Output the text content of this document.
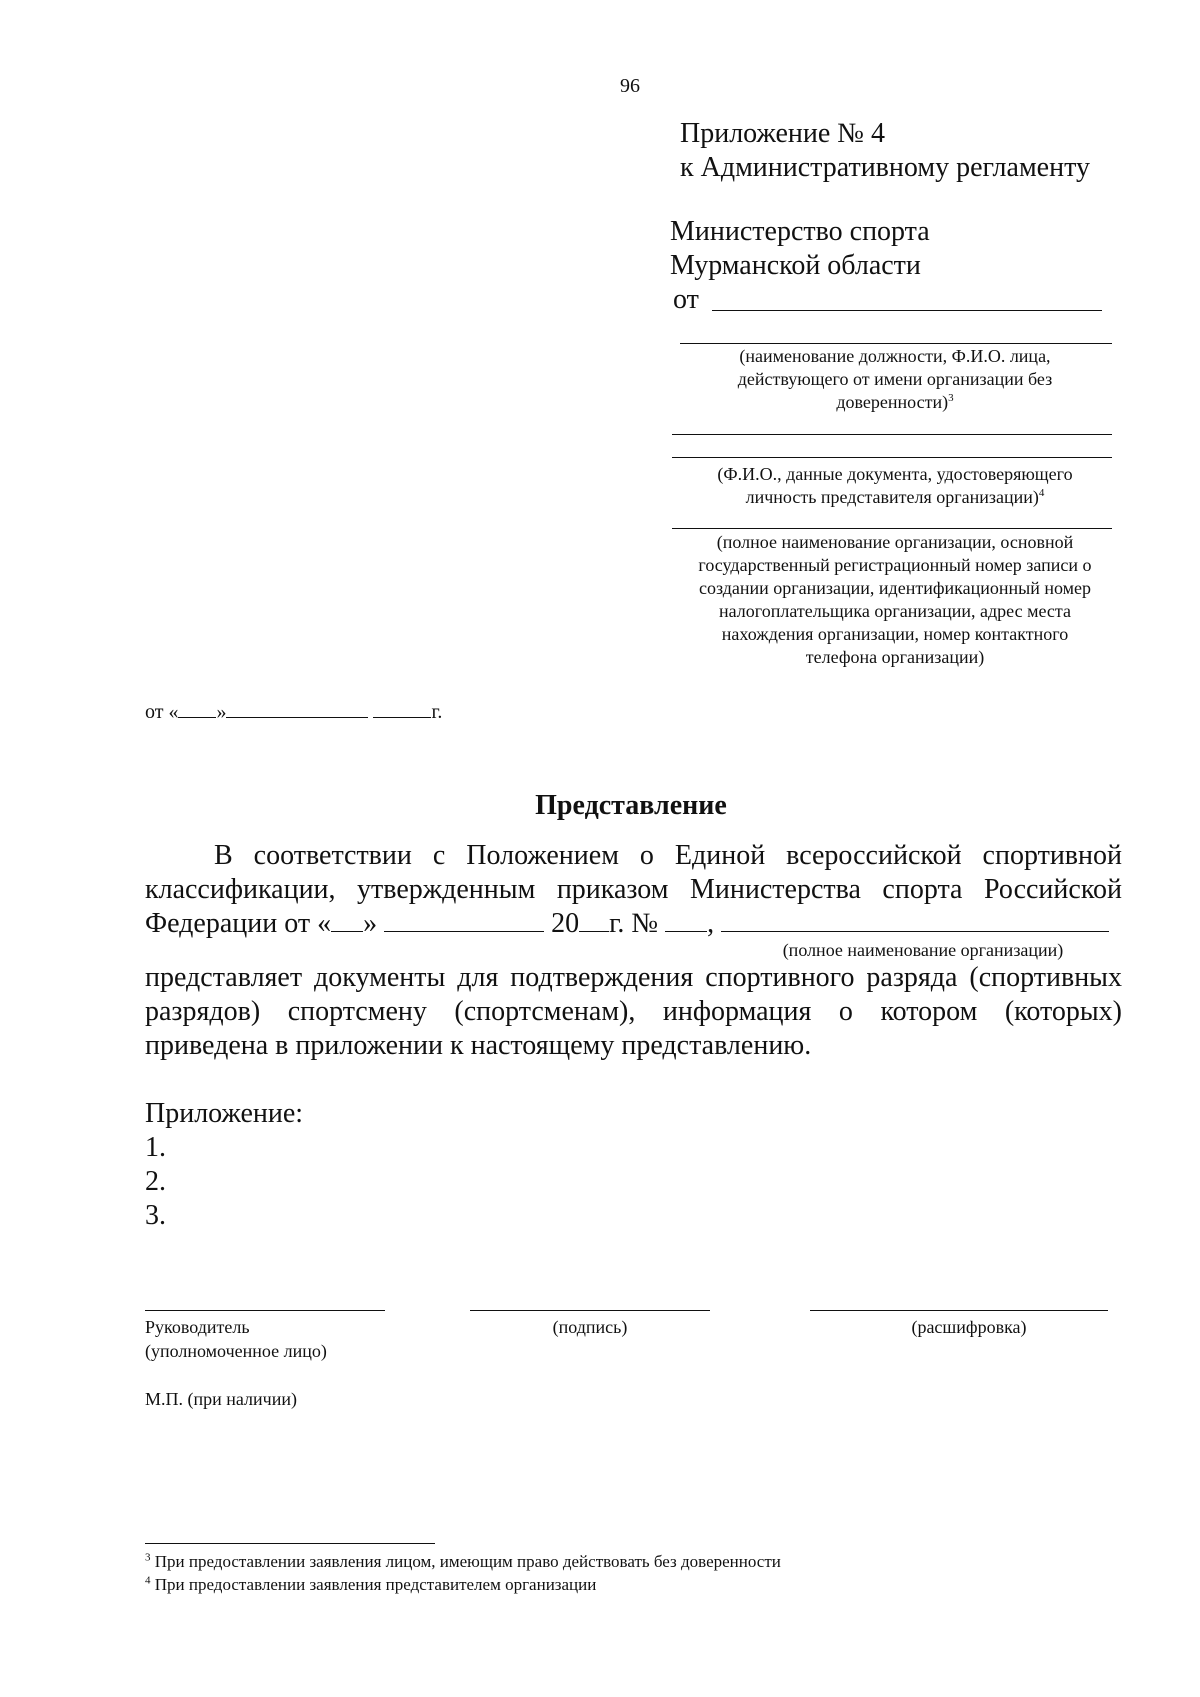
96
Приложение № 4
к Административному регламенту
Министерство спорта
Мурманской области
от
(наименование должности, Ф.И.О. лица,
действующего от имени организации без
доверенности)$^3$
(Ф.И.О., данные документа, удостоверяющего
личность представителя организации)$^4$
(полное наименование организации, основной
государственный регистрационный номер записи о
создании организации, идентификационный номер
налогоплательщика организации, адрес места
нахождения организации, номер контактного
телефона организации)
от « »	г.
Представление
В соответствии с Положением о Единой всероссийской спортивной
классификации, утвержденным приказом Министерства спорта Российской
Федерации от « »	20 г. № ,
(полное наименование организации)
представляет документы для подтверждения спортивного разряда (спортивных
разрядов) спортсмену (спортсменам), информация о котором (которых)
приведена в приложении к настоящему представлению.
Приложение:
1.
2.
3.
Руководитель
(уполномоченное лицо)
(подпись)	(расшифровка)
М.П. (при наличии)
$^3$ При предоставлении заявления лицом, имеющим право действовать без доверенности
$^4$ При предоставлении заявления представителем организации
